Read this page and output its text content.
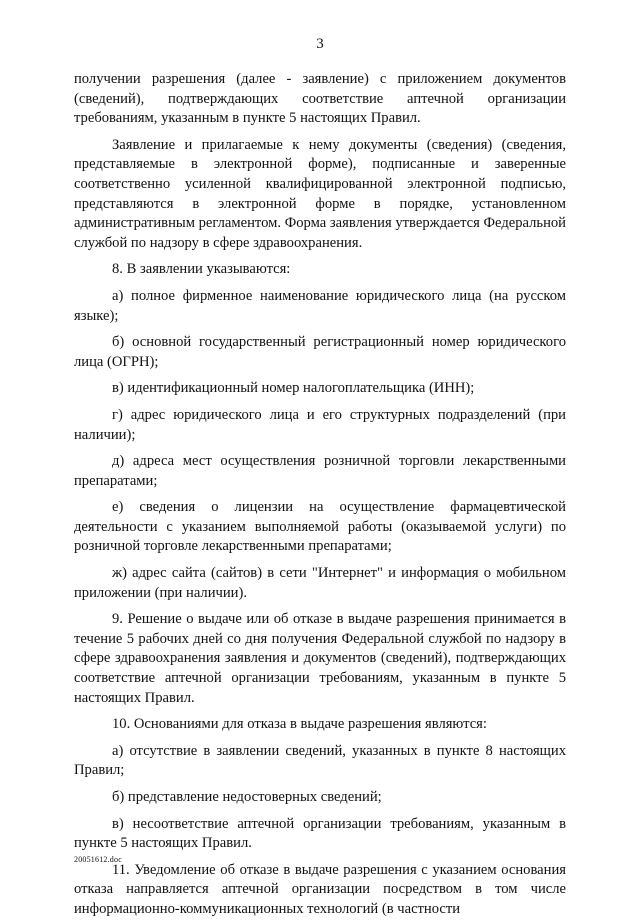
3

получении разрешения (далее - заявление) с приложением документов (сведений), подтверждающих соответствие аптечной организации требованиям, указанным в пункте 5 настоящих Правил.

Заявление и прилагаемые к нему документы (сведения) (сведения, представляемые в электронной форме), подписанные и заверенные соответственно усиленной квалифицированной электронной подписью, представляются в электронной форме в порядке, установленном административным регламентом. Форма заявления утверждается Федеральной службой по надзору в сфере здравоохранения.

8. В заявлении указываются:

а) полное фирменное наименование юридического лица (на русском языке);

б) основной государственный регистрационный номер юридического лица (ОГРН);

в) идентификационный номер налогоплательщика (ИНН);

г) адрес юридического лица и его структурных подразделений (при наличии);

д) адреса мест осуществления розничной торговли лекарственными препаратами;

е) сведения о лицензии на осуществление фармацевтической деятельности с указанием выполняемой работы (оказываемой услуги) по розничной торговле лекарственными препаратами;

ж) адрес сайта (сайтов) в сети "Интернет" и информация о мобильном приложении (при наличии).

9. Решение о выдаче или об отказе в выдаче разрешения принимается в течение 5 рабочих дней со дня получения Федеральной службой по надзору в сфере здравоохранения заявления и документов (сведений), подтверждающих соответствие аптечной организации требованиям, указанным в пункте 5 настоящих Правил.

10. Основаниями для отказа в выдаче разрешения являются:

а) отсутствие в заявлении сведений, указанных в пункте 8 настоящих Правил;

б) представление недостоверных сведений;

в) несоответствие аптечной организации требованиям, указанным в пункте 5 настоящих Правил.

11. Уведомление об отказе в выдаче разрешения с указанием основания отказа направляется аптечной организации посредством в том числе информационно-коммуникационных технологий (в частности

20051612.doc
